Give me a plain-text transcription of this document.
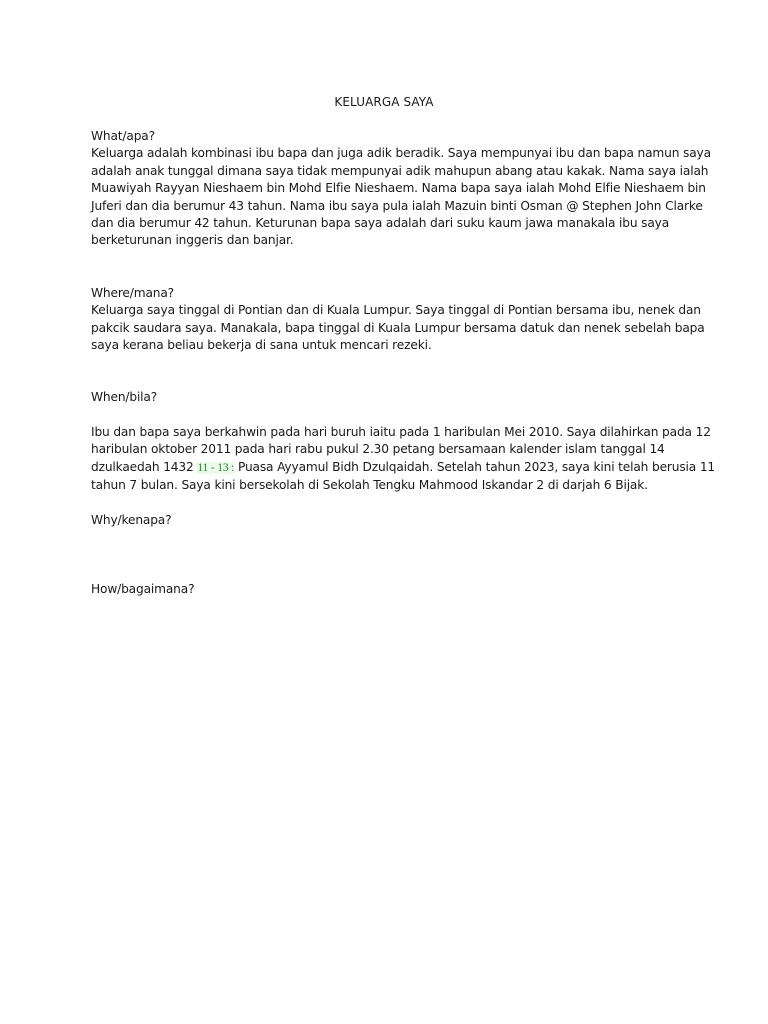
KELUARGA SAYA
What/apa?
Keluarga adalah kombinasi ibu bapa dan juga adik beradik. Saya mempunyai ibu dan bapa namun saya
adalah anak tunggal dimana saya tidak mempunyai adik mahupun abang atau kakak. Nama saya ialah
Muawiyah Rayyan Nieshaem bin Mohd Elfie Nieshaem. Nama bapa saya ialah Mohd Elfie Nieshaem bin
Juferi dan dia berumur 43 tahun. Nama ibu saya pula ialah Mazuin binti Osman @ Stephen John Clarke
dan dia berumur 42 tahun. Keturunan bapa saya adalah dari suku kaum jawa manakala ibu saya
berketurunan inggeris dan banjar.
Where/mana?
Keluarga saya tinggal di Pontian dan di Kuala Lumpur. Saya tinggal di Pontian bersama ibu, nenek dan
pakcik saudara saya. Manakala, bapa tinggal di Kuala Lumpur bersama datuk dan nenek sebelah bapa
saya kerana beliau bekerja di sana untuk mencari rezeki.
When/bila?
Ibu dan bapa saya berkahwin pada hari buruh iaitu pada 1 haribulan Mei 2010. Saya dilahirkan pada 12
haribulan oktober 2011 pada hari rabu pukul 2.30 petang bersamaan kalender islam tanggal 14
dzulkaedah 1432 11 - 13 : Puasa Ayyamul Bidh Dzulqaidah. Setelah tahun 2023, saya kini telah berusia 11
tahun 7 bulan. Saya kini bersekolah di Sekolah Tengku Mahmood Iskandar 2 di darjah 6 Bijak.
Why/kenapa?
How/bagaimana?
